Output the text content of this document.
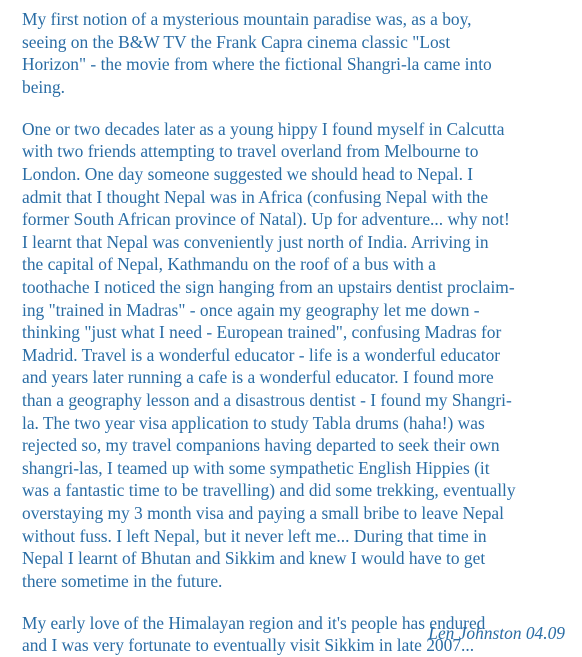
My first notion of a mysterious mountain paradise was, as a boy,
seeing on the B&W TV the Frank Capra cinema classic "Lost
Horizon" - the movie from where the fictional Shangri-la came into
being.

One or two decades later as a young hippy I found myself in Calcutta
with two friends attempting to travel overland from Melbourne to
London. One day someone suggested we should head to Nepal. I
admit that I thought Nepal was in Africa (confusing Nepal with the
former South African province of Natal). Up for adventure... why not!
I learnt that Nepal was conveniently just north of India. Arriving in
the capital of Nepal, Kathmandu on the roof of a bus with a
toothache I noticed the sign hanging from an upstairs dentist proclaim-
ing "trained in Madras" - once again my geography let me down -
thinking "just what I need - European trained", confusing Madras for
Madrid. Travel is a wonderful educator - life is a wonderful educator
and years later running a cafe is a wonderful educator. I found more
than a geography lesson and a disastrous dentist - I found my Shangri-
la. The two year visa application to study Tabla drums (haha!) was
rejected so, my travel companions having departed to seek their own
shangri-las, I teamed up with some sympathetic English Hippies (it
was a fantastic time to be travelling) and did some trekking, eventually
overstaying my 3 month visa and paying a small bribe to leave Nepal
without fuss. I left Nepal, but it never left me... During that time in
Nepal I learnt of Bhutan and Sikkim and knew I would have to get
there sometime in the future.

My early love of the Himalayan region and it's people has endured
and I was very fortunate to eventually visit Sikkim in late 2007...

Len Johnston 04.09
